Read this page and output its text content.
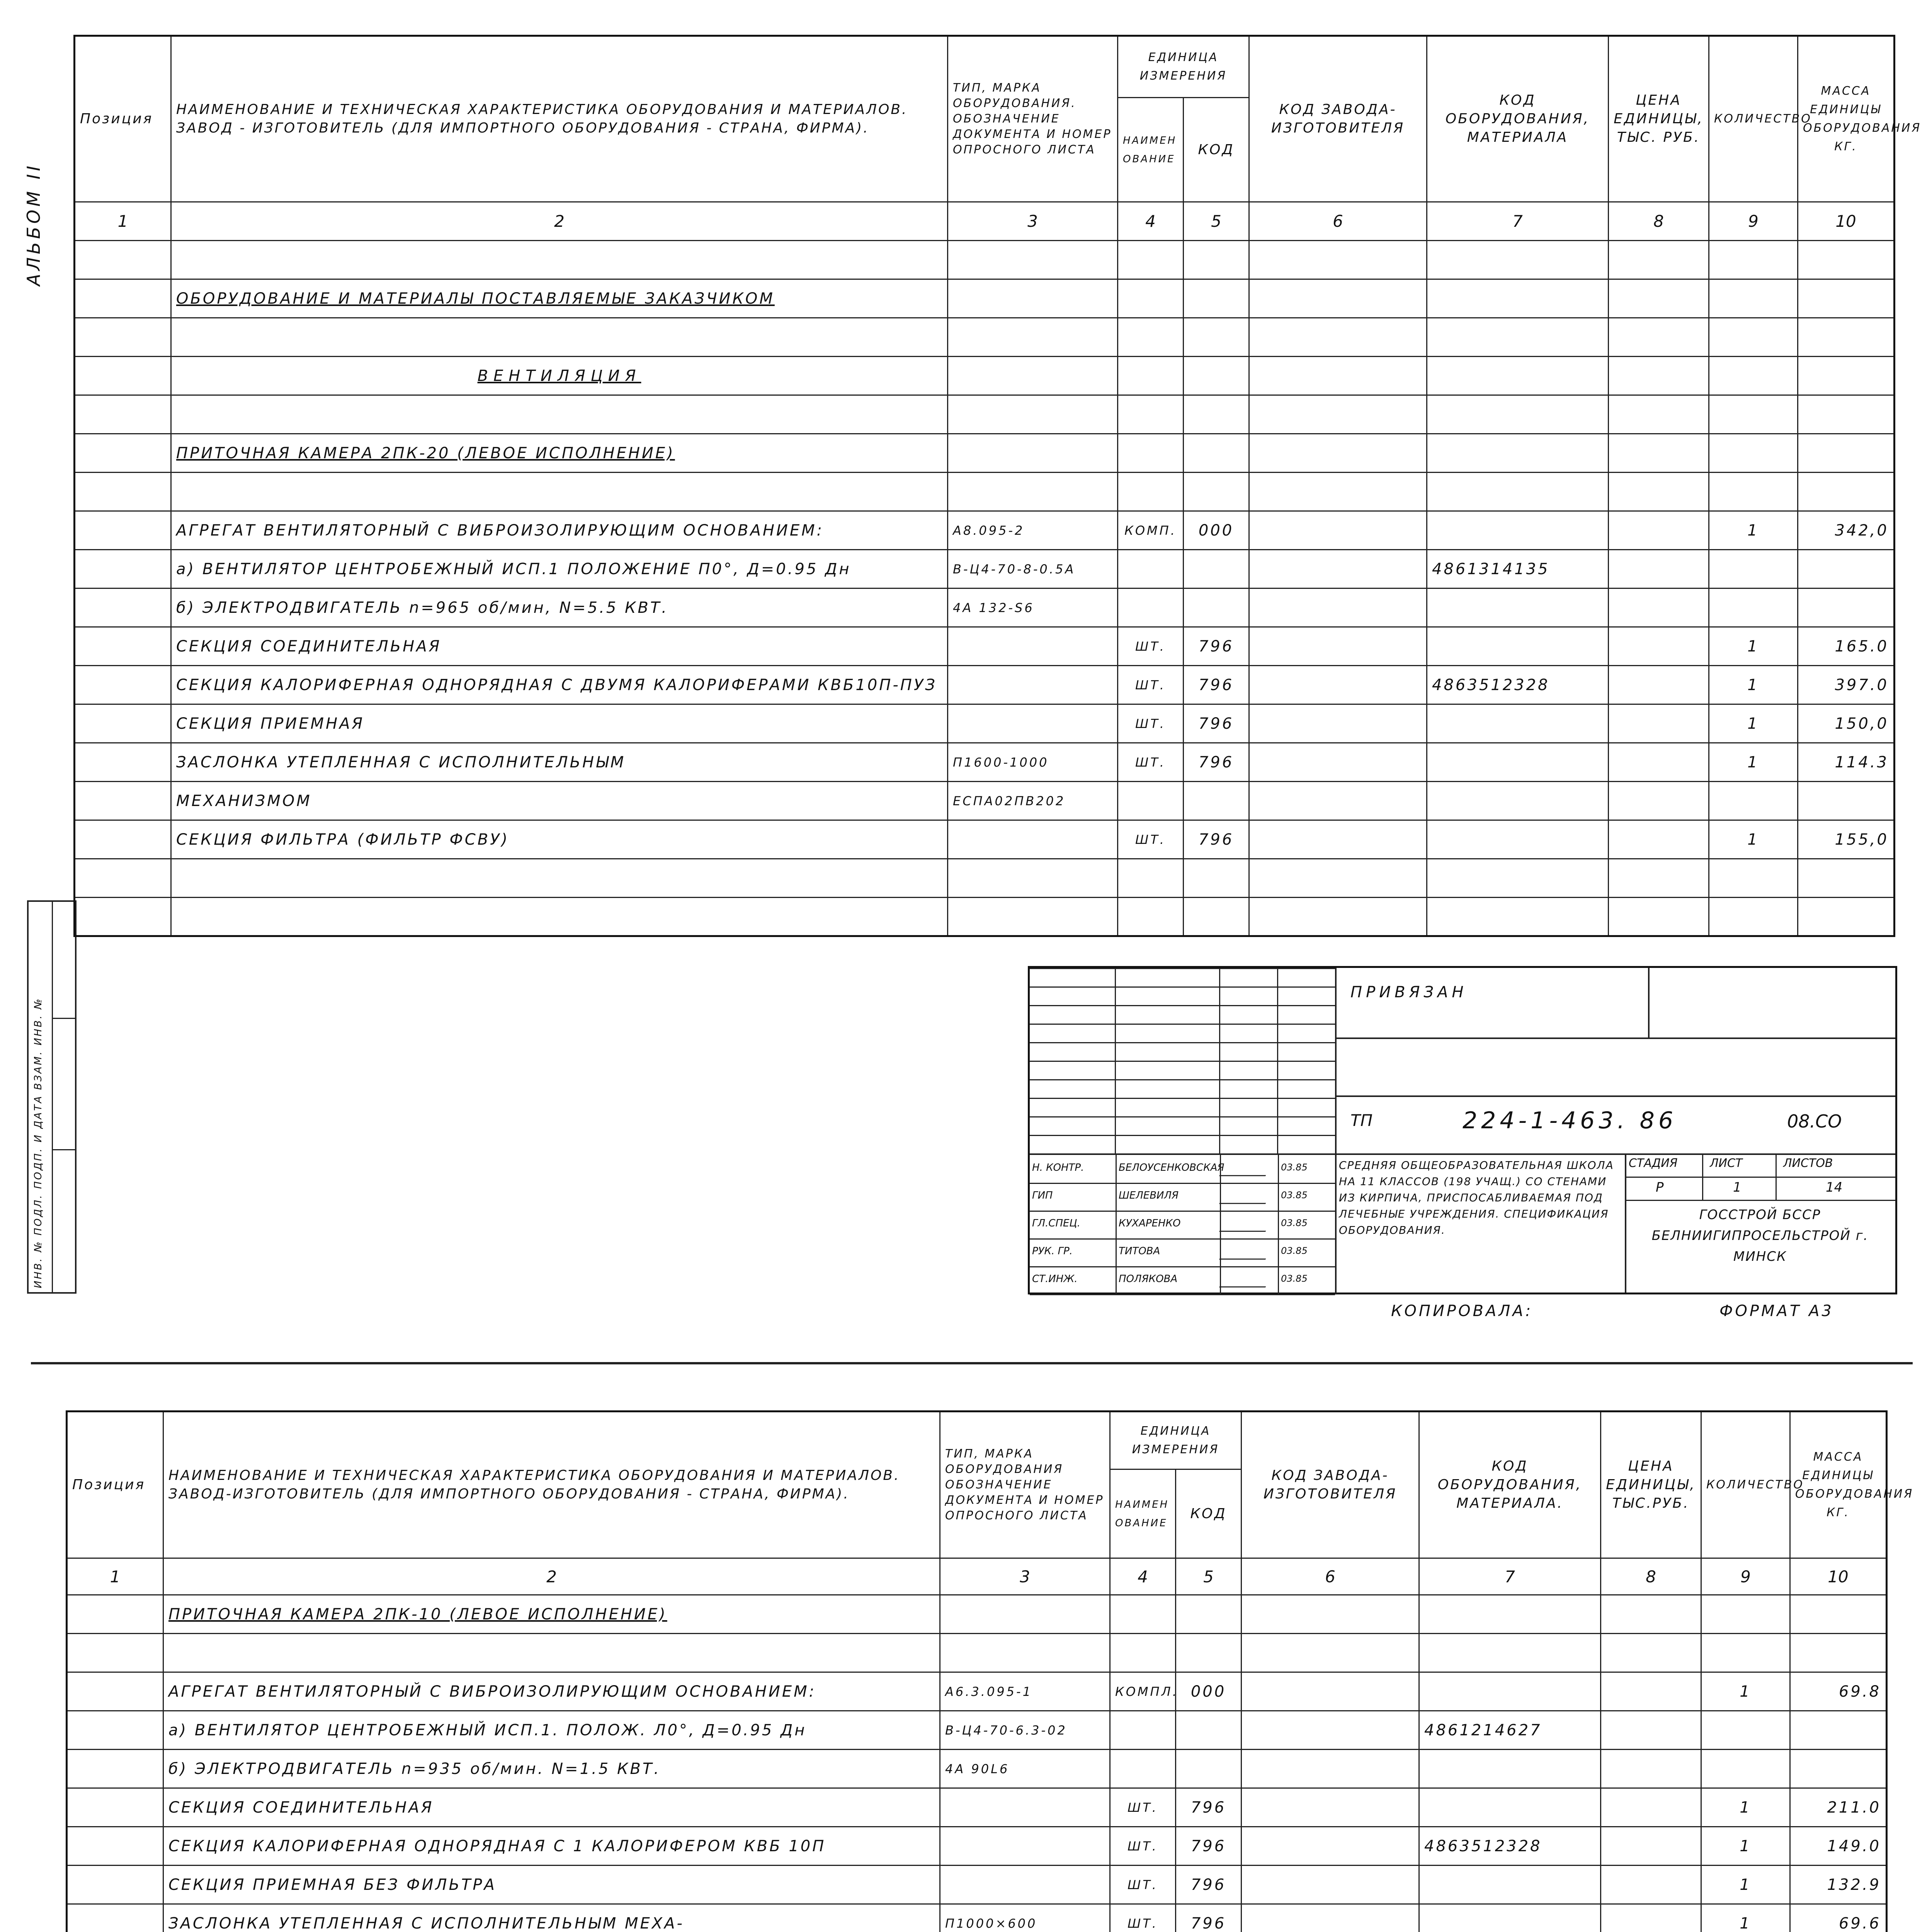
АЛЬБОМ II
ИНВ. № ПОДЛ. ПОДП. И ДАТА ВЗАМ. ИНВ. №
Позиция	НАИМЕНОВАНИЕ И ТЕХНИЧЕСКАЯ ХАРАКТЕРИСТИКА ОБОРУДОВАНИЯ И МАТЕРИАЛОВ. ЗАВОД - ИЗГОТОВИТЕЛЬ (ДЛЯ ИМПОРТНОГО ОБОРУДОВАНИЯ - СТРАНА, ФИРМА).	ТИП, МАРКА ОБОРУДОВАНИЯ. ОБОЗНАЧЕНИЕ ДОКУМЕНТА И НОМЕР ОПРОСНОГО ЛИСТА	ЕДИНИЦА ИЗМЕРЕНИЯ		КОД ЗАВОДА-ИЗГОТОВИТЕЛЯ	КОД ОБОРУДОВАНИЯ, МАТЕРИАЛА	ЦЕНА ЕДИНИЦЫ, ТЫС. РУБ.	КОЛИЧЕСТВО	МАССА ЕДИНИЦЫ ОБОРУДОВАНИЯ КГ.
			НАИМЕНОВАНИЕ	КОД					
1	2	3	4	5	6	7	8	9	10

	ОБОРУДОВАНИЕ И МАТЕРИАЛЫ ПОСТАВЛЯЕМЫЕ ЗАКАЗЧИКОМ								

	ВЕНТИЛЯЦИЯ								

	ПРИТОЧНАЯ КАМЕРА 2ПК-20 (ЛЕВОЕ ИСПОЛНЕНИЕ)								

	АГРЕГАТ ВЕНТИЛЯТОРНЫЙ С ВИБРОИЗОЛИРУЮЩИМ ОСНОВАНИЕМ:	А8.095-2	КОМП.	000				1	342,0
	а) ВЕНТИЛЯТОР ЦЕНТРОБЕЖНЫЙ ИСП.1 ПОЛОЖЕНИЕ П0°, Д=0.95 Дн	В-Ц4-70-8-0.5А				4861314135			
	б) ЭЛЕКТРОДВИГАТЕЛЬ n=965 об/мин, N=5.5 КВТ.	4А 132-S6							
	СЕКЦИЯ СОЕДИНИТЕЛЬНАЯ		ШТ.	796				1	165.0
	СЕКЦИЯ КАЛОРИФЕРНАЯ ОДНОРЯДНАЯ С ДВУМЯ КАЛОРИФЕРАМИ КВБ10П-ПУЗ		ШТ.	796		4863512328		1	397.0
	СЕКЦИЯ ПРИЕМНАЯ		ШТ.	796				1	150,0
	ЗАСЛОНКА УТЕПЛЕННАЯ С ИСПОЛНИТЕЛЬНЫМ	П1600-1000	ШТ.	796				1	114.3
	МЕХАНИЗМОМ	ЕСПА02ПВ202							
	СЕКЦИЯ ФИЛЬТРА (ФИЛЬТР ФСВУ)		ШТ.	796				1	155,0

Н. КОНТР.	БЕЛОУСЕНКОВСКАЯ	03.85
ГИП	ШЕЛЕВИЛЯ	03.85
ГЛ.СПЕЦ.	КУХАРЕНКО	03.85
РУК. ГР.	ТИТОВА	03.85
СТ.ИНЖ.	ПОЛЯКОВА	03.85
ПРИВЯЗАН
ТП	224-1-463. 86	08.СО
СРЕДНЯЯ ОБЩЕОБРАЗОВАТЕЛЬНАЯ ШКОЛА НА 11 КЛАССОВ (198 УЧАЩ.) СО СТЕНАМИ ИЗ КИРПИЧА, ПРИСПОСАБЛИВАЕМАЯ ПОД ЛЕЧЕБНЫЕ УЧРЕЖДЕНИЯ. СПЕЦИФИКАЦИЯ ОБОРУДОВАНИЯ.
СТАДИЯ	ЛИСТ	ЛИСТОВ
Р	1	14
ГОССТРОЙ БССР БЕЛНИИГИПРОСЕЛЬСТРОЙ г. МИНСК
КОПИРОВАЛА:	ФОРМАТ А3
Позиция	НАИМЕНОВАНИЕ И ТЕХНИЧЕСКАЯ ХАРАКТЕРИСТИКА ОБОРУДОВАНИЯ И МАТЕРИАЛОВ. ЗАВОД-ИЗГОТОВИТЕЛЬ (ДЛЯ ИМПОРТНОГО ОБОРУДОВАНИЯ - СТРАНА, ФИРМА).	ТИП, МАРКА ОБОРУДОВАНИЯ ОБОЗНАЧЕНИЕ ДОКУМЕНТА И НОМЕР ОПРОСНОГО ЛИСТА	ЕДИНИЦА ИЗМЕРЕНИЯ		КОД ЗАВОДА-ИЗГОТОВИТЕЛЯ	КОД ОБОРУДОВАНИЯ, МАТЕРИАЛА.	ЦЕНА ЕДИНИЦЫ, ТЫС.РУБ.	КОЛИЧЕСТВО	МАССА ЕДИНИЦЫ ОБОРУДОВАНИЯ КГ.
			НАИМЕНОВАНИЕ	КОД					
1	2	3	4	5	6	7	8	9	10
	ПРИТОЧНАЯ КАМЕРА 2ПК-10 (ЛЕВОЕ ИСПОЛНЕНИЕ)								

	АГРЕГАТ ВЕНТИЛЯТОРНЫЙ С ВИБРОИЗОЛИРУЮЩИМ ОСНОВАНИЕМ:	А6.3.095-1	КОМПЛ.	000				1	69.8
	а) ВЕНТИЛЯТОР ЦЕНТРОБЕЖНЫЙ ИСП.1. ПОЛОЖ. Л0°, Д=0.95 Дн	В-Ц4-70-6.3-02				4861214627			
	б) ЭЛЕКТРОДВИГАТЕЛЬ n=935 об/мин. N=1.5 КВТ.	4А 90L6							
	СЕКЦИЯ СОЕДИНИТЕЛЬНАЯ		ШТ.	796				1	211.0
	СЕКЦИЯ КАЛОРИФЕРНАЯ ОДНОРЯДНАЯ С 1 КАЛОРИФЕРОМ КВБ 10П		ШТ.	796		4863512328		1	149.0
	СЕКЦИЯ ПРИЕМНАЯ БЕЗ ФИЛЬТРА		ШТ.	796				1	132.9
	ЗАСЛОНКА УТЕПЛЕННАЯ С ИСПОЛНИТЕЛЬНЫМ МЕХА-	П1000×600	ШТ.	796				1	69.6
